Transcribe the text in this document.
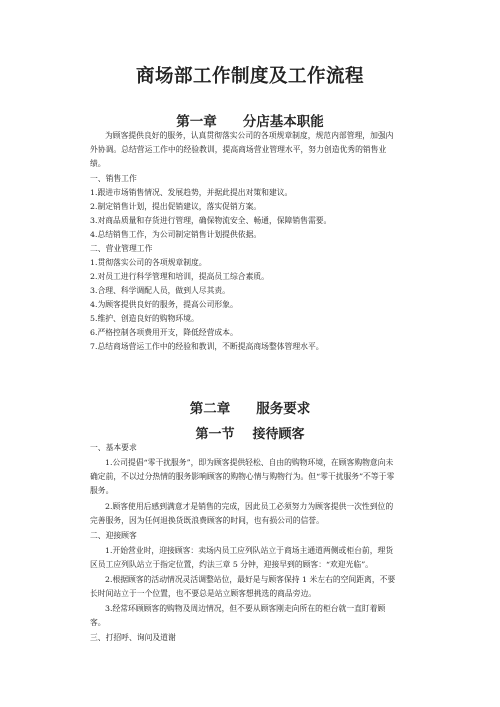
商场部工作制度及工作流程
第一章 分店基本职能
为顾客提供良好的服务，认真贯彻落实公司的各项规章制度，规范内部管理，加强内
外协调。总结营运工作中的经验教训，提高商场营业管理水平，努力创造优秀的销售业
绩。
一、销售工作
1.跟进市场销售情况、发展趋势，并据此提出对策和建议。
2.制定销售计划，提出促销建议，落实促销方案。
3.对商品质量和存货进行管理，确保物流安全、畅通，保障销售需要。
4.总结销售工作，为公司制定销售计划提供依据。
二、营业管理工作
1.贯彻落实公司的各项规章制度。
2.对员工进行科学管理和培训，提高员工综合素质。
3.合理、科学调配人员，做到人尽其责。
4.为顾客提供良好的服务，提高公司形象。
5.维护、创造良好的购物环境。
6.严格控制各项费用开支，降低经营成本。
7.总结商场营运工作中的经验和教训，不断提高商场整体管理水平。
第二章 服务要求
第一节 接待顾客
一、基本要求
1.公司提倡“零干扰服务”，即为顾客提供轻松、自由的购物环境，在顾客购物意向未
确定前，不以过分热情的服务影响顾客的购物心情与购物行为。但“零干扰服务”不等于零
服务。
2.顾客使用后感到满意才是销售的完成，因此员工必须努力为顾客提供一次性到位的
完善服务，因为任何退换货既浪费顾客的时间，也有损公司的信誉。
二、迎接顾客
1.开始营业时，迎接顾客：卖场内员工应列队站立于商场主通道两侧或柜台前，理货
区员工应列队站立于指定位置，约法三章 5 分钟，迎接早到的顾客：“欢迎光临”。
2.根据顾客的活动情况灵活调整站位，最好是与顾客保持 1 米左右的空间距离，不要
长时间站立于一个位置，也不要总是站立顾客想挑选的商品旁边。
3.经常环顾顾客的购物及周边情况，但不要从顾客刚走向所在的柜台就一直盯着顾
客。
三、打招呼、询问及道谢
